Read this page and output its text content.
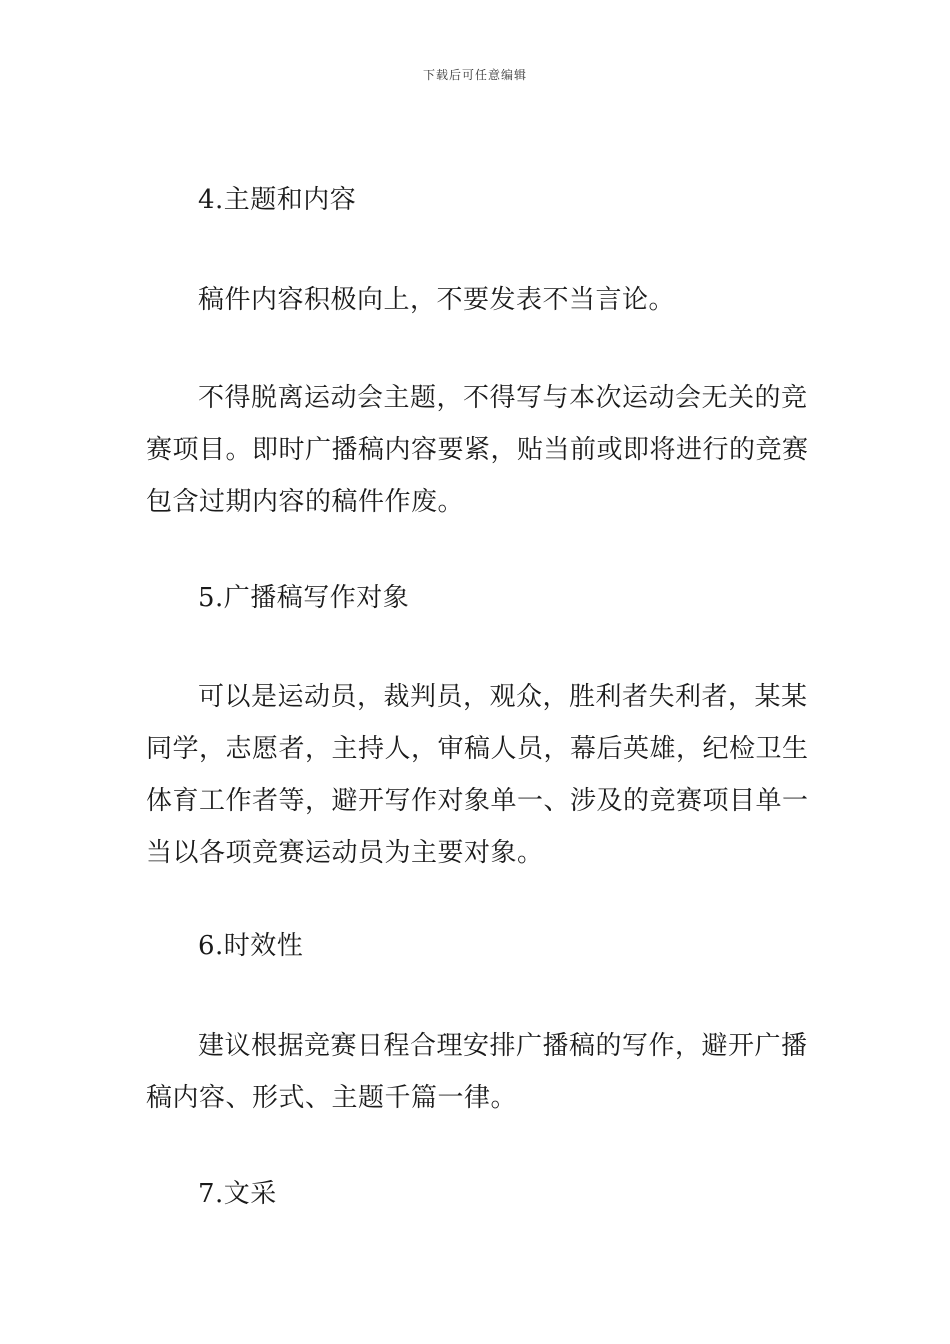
下载后可任意编辑
4.主题和内容
稿件内容积极向上，不要发表不当言论。
不得脱离运动会主题，不得写与本次运动会无关的竞
赛项目。即时广播稿内容要紧，贴当前或即将进行的竞赛
包含过期内容的稿件作废。
5.广播稿写作对象
可以是运动员，裁判员，观众，胜利者失利者，某某
同学，志愿者，主持人，审稿人员，幕后英雄，纪检卫生
体育工作者等，避开写作对象单一、涉及的竞赛项目单一
当以各项竞赛运动员为主要对象。
6.时效性
建议根据竞赛日程合理安排广播稿的写作，避开广播
稿内容、形式、主题千篇一律。
7.文采
